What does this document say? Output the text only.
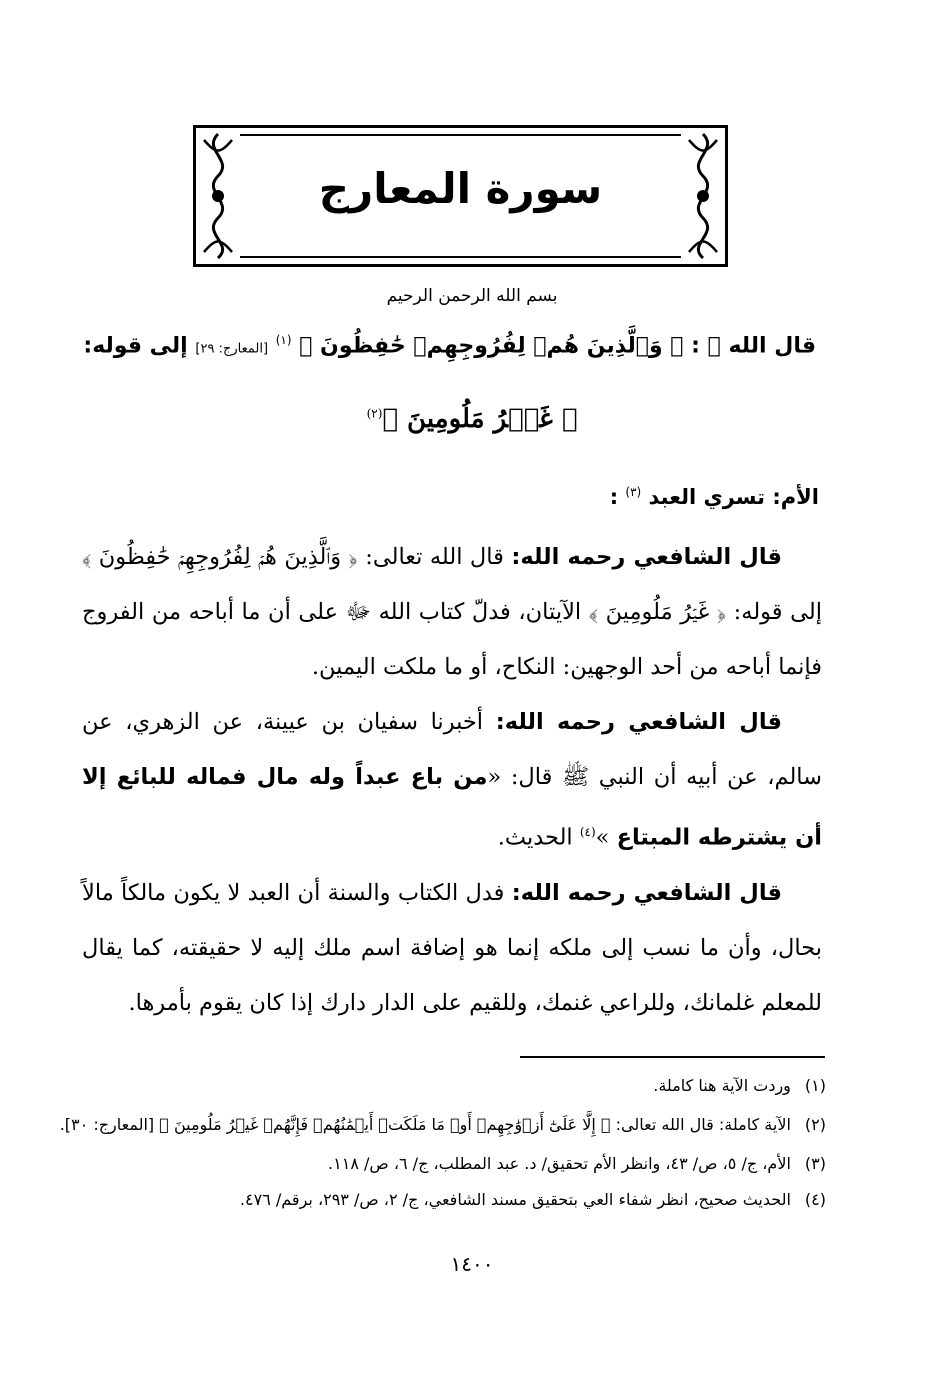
سورة المعارج
بسم الله الرحمن الرحيم
قال الله ﷻ : ﴿ وَٱلَّذِينَ هُمۡ لِفُرُوجِهِمۡ حَٰفِظُونَ ﴾ $^{(١)}$ [المعارج: ٢٩] إلى قوله:
﴿ غَيۡرُ مَلُومِينَ ﴾$^{(٢)}$
الأم: تسري العبد $^{(٣)}$ :

قال الشافعي رحمه الله: قال الله تعالى: ﴿ وَٱلَّذِينَ هُمۡ لِفُرُوجِهِمۡ حَٰفِظُونَ ﴾ إلى قوله: ﴿ غَيۡرُ مَلُومِينَ ﴾ الآيتان، فدلّ كتاب الله ﷻ على أن ما أباحه من الفروج فإنما أباحه من أحد الوجهين: النكاح، أو ما ملكت اليمين.

قال الشافعي رحمه الله: أخبرنا سفيان بن عيينة، عن الزهري، عن سالم، عن أبيه أن النبي ﷺ قال: «من باع عبداً وله مال فماله للبائع إلا أن يشترطه المبتاع »$^{(٤)}$ الحديث.

قال الشافعي رحمه الله: فدل الكتاب والسنة أن العبد لا يكون مالكاً مالاً بحال، وأن ما نسب إلى ملكه إنما هو إضافة اسم ملك إليه لا حقيقته، كما يقال للمعلم غلمانك، وللراعي غنمك، وللقيم على الدار دارك إذا كان يقوم بأمرها.

(١) وردت الآية هنا كاملة.
(٢) الآية كاملة: قال الله تعالى: ﴿ إِلَّا عَلَىٰٓ أَزۡوَٰجِهِمۡ أَوۡ مَا مَلَكَتۡ أَيۡمَٰنُهُمۡ فَإِنَّهُمۡ غَيۡرُ مَلُومِينَ ﴾ [المعارج: ٣٠].
(٣) الأم، ج/ ٥، ص/ ٤٣، وانظر الأم تحقيق/ د. عبد المطلب، ج/ ٦، ص/ ١١٨.
(٤) الحديث صحيح، انظر شفاء العي بتحقيق مسند الشافعي، ج/ ٢، ص/ ٢٩٣، برقم/ ٤٧٦.
١٤٠٠
